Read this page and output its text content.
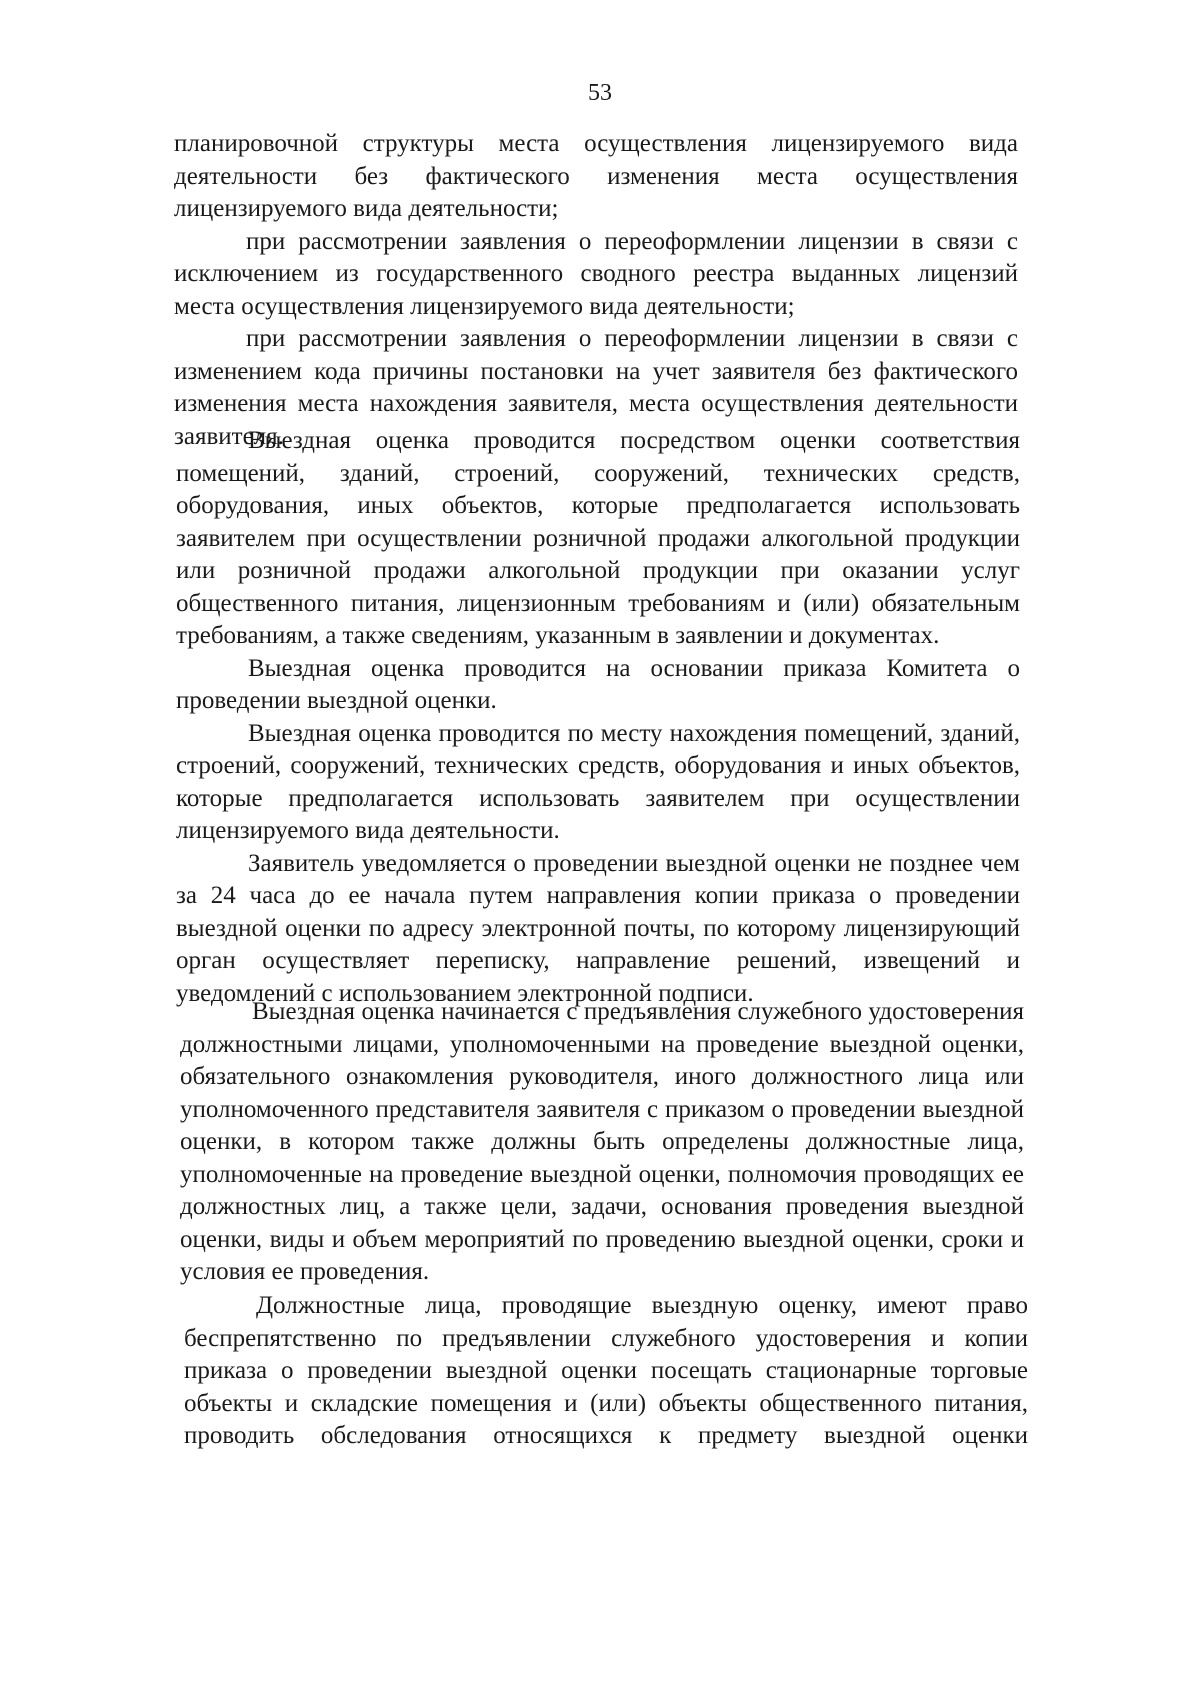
53

планировочной структуры места осуществления лицензируемого вида деятельности без фактического изменения места осуществления лицензируемого вида деятельности;

при рассмотрении заявления о переоформлении лицензии в связи с исключением из государственного сводного реестра выданных лицензий места осуществления лицензируемого вида деятельности;

при рассмотрении заявления о переоформлении лицензии в связи с изменением кода причины постановки на учет заявителя без фактического изменения места нахождения заявителя, места осуществления деятельности заявителя.

Выездная оценка проводится посредством оценки соответствия помещений, зданий, строений, сооружений, технических средств, оборудования, иных объектов, которые предполагается использовать заявителем при осуществлении розничной продажи алкогольной продукции или розничной продажи алкогольной продукции при оказании услуг общественного питания, лицензионным требованиям и (или) обязательным требованиям, а также сведениям, указанным в заявлении и документах.

Выездная оценка проводится на основании приказа Комитета о проведении выездной оценки.

Выездная оценка проводится по месту нахождения помещений, зданий, строений, сооружений, технических средств, оборудования и иных объектов, которые предполагается использовать заявителем при осуществлении лицензируемого вида деятельности.

Заявитель уведомляется о проведении выездной оценки не позднее чем за 24 часа до ее начала путем направления копии приказа о проведении выездной оценки по адресу электронной почты, по которому лицензирующий орган осуществляет переписку, направление решений, извещений и уведомлений с использованием электронной подписи.

Выездная оценка начинается с предъявления служебного удостоверения должностными лицами, уполномоченными на проведение выездной оценки, обязательного ознакомления руководителя, иного должностного лица или уполномоченного представителя заявителя с приказом о проведении выездной оценки, в котором также должны быть определены должностные лица, уполномоченные на проведение выездной оценки, полномочия проводящих ее должностных лиц, а также цели, задачи, основания проведения выездной оценки, виды и объем мероприятий по проведению выездной оценки, сроки и условия ее проведения.

Должностные лица, проводящие выездную оценку, имеют право беспрепятственно по предъявлении служебного удостоверения и копии приказа о проведении выездной оценки посещать стационарные торговые объекты и складские помещения и (или) объекты общественного питания, проводить обследования относящихся к предмету выездной оценки
